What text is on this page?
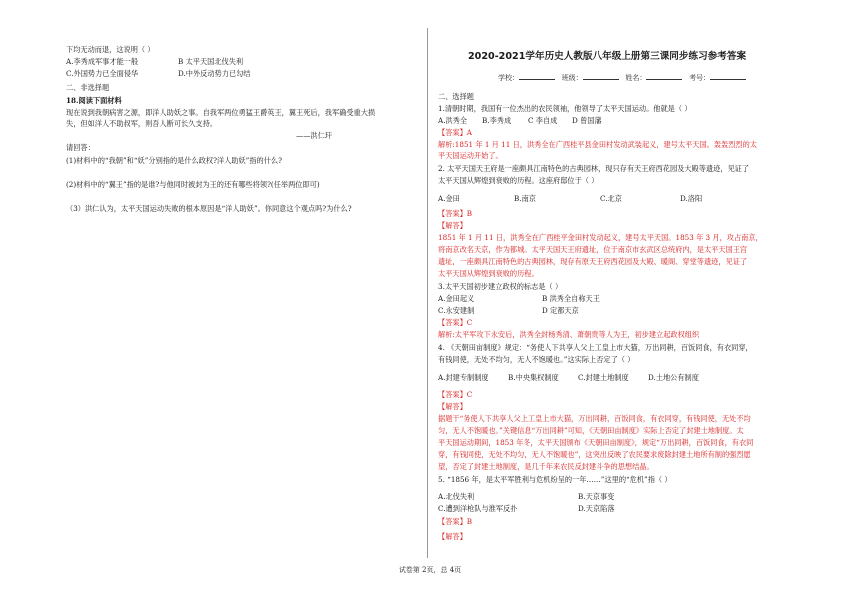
下均无动而退，这说明（ ）
A.李秀成军事才能一般	B 太平天国北伐失利
C.外国势力已全面侵华	D.中外反动势力已勾结
二、非选择题
18.阅读下面材料
现在说到我朝病害之源，即洋人助妖之事。自我军两位勇猛王爵英王，翼王死后，我军确受重大损
失，但如洋人不助叔军，则吾人断可长久支持。
——洪仁玕
请回答：
(1)材料中的“我朝”和“妖”分别指的是什么政权?洋人助妖”指的什么?
(2)材料中的“翼王”指的是谁?与他同时被封为王的还有哪些将领?(任举两位即可)
（3）洪仁认为，太平天国运动失败的根本原因是“洋人助妖”。你同意这个观点吗?为什么?
2020-2021学年历史人教版八年级上册第三课同步练习参考答案
学校：	班级：	姓名：	考号：
二、选择题
1.清朝时期，我国有一位杰出的农民领袖，他领导了太平天国运动。他就是（ ）
A.洪秀全 B.李秀成 C 李自成 D 曾国藩
【答案】A
解析:1851 年 1 月 11 日，洪秀全在广西桂平县金田村发动武装起义，建号太平天国。轰轰烈烈的太
平天国运动开始了。
2. 太平天国天王府是一座颇具江南特色的古典园林，现只存有天王府西花园及大殿等遗迹，见证了
太平天国从辉煌到衰败的历程。这座府邸位于（ ）
A.金田	B.南京	C.北京	D.洛阳
【答案】B
【解答】
1851 年 1 月 11 日，洪秀全在广西桂平金田村发动起义，建号太平天国。1853 年 3 月，攻占南京，
将南京改名天京，作为都城。太平天国天王府遗址，位于南京市玄武区总统府内，是太平天国王宫
遗址，一座颇具江南特色的古典园林，现存有原天王府西花园及大殿、暖阁、穿堂等遗迹，见证了
太平天国从辉煌到衰败的历程。
3.太平天国初步建立政权的标志是（ ）
A.金田起义	B 洪秀全自称天王
C.永安建制	D 定都天京
【答案】C
解析:太平军攻下永安后，洪秀全封杨秀清、萧朝贵等人为王，初步建立起政权组织
4. 《天朝田亩制度》规定：“务使人下共享人父上工皇上市大猫，万出同耕，百饭同食，有衣同穿，
有钱同使，无处不均匀，无人不饱暖也。”这实际上否定了（ ）
A.封建专制制度	B.中央集权制度	C.封建土地制度	D.土地公有制度
【答案】C
【解答】
据题干“务使人下共享人父上工皇上市大猫，万出同耕，百饭同食，有衣同穿，有钱同使，无处不均
匀，无人不饱暖也。”关键信息“万出同耕”可知，《天朝田亩制度》实际上否定了封建土地制度。太
平天国运动期间，1853 年冬，太平天国颁布《天朝田亩制度》，规定“万出同耕，百饭同食，有衣同
穿，有钱同使，无处不均匀，无人不饱暖也”，这突出反映了农民要求废除封建土地所有制的强烈愿
望，否定了封建土地制度，是几千年来农民反封建斗争的思想结晶。
5. “1856 年，是太平军胜利与危机纷呈的一年……”这里的“危机”指（ ）
A.北伐失利	B.天京事变
C.遭到洋枪队与淮军反扑	D.天京陷落
【答案】B
【解答】
试卷第 2页，总 4页
